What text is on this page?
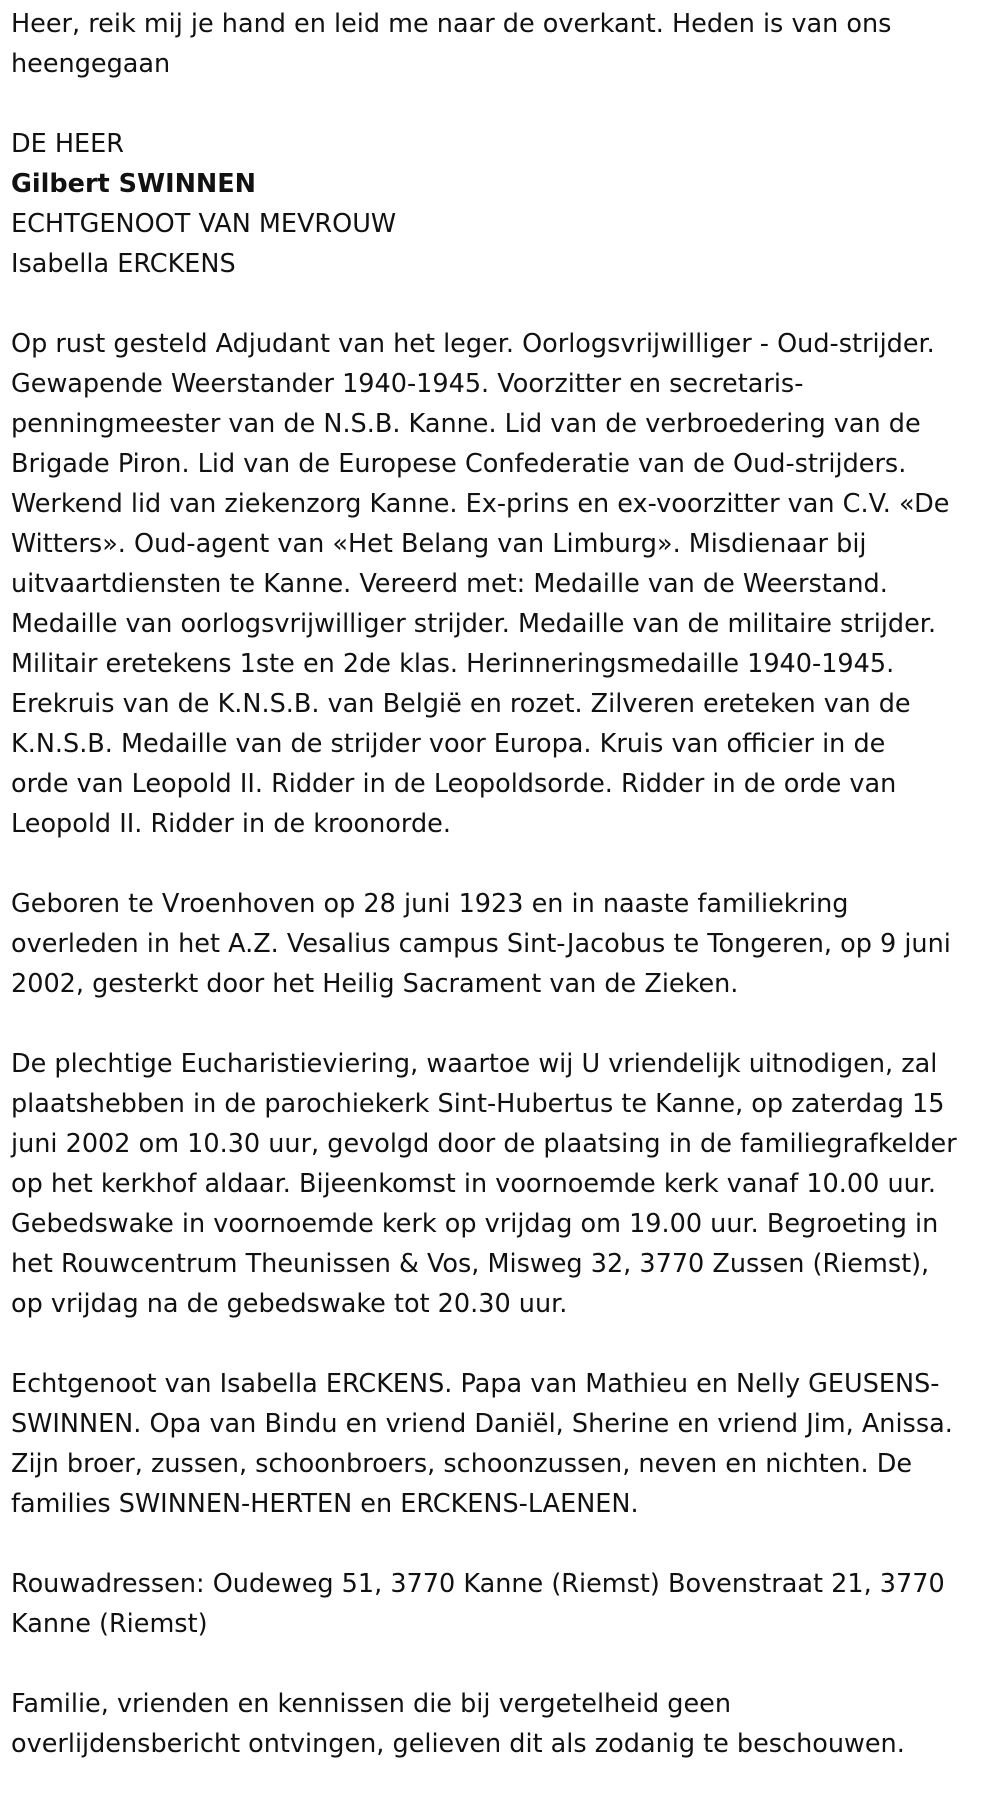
Heer, reik mij je hand en leid me naar de overkant. Heden is van ons
heengegaan
DE HEER
Gilbert SWINNEN
ECHTGENOOT VAN MEVROUW
Isabella ERCKENS
Op rust gesteld Adjudant van het leger. Oorlogsvrijwilliger - Oud-strijder.
Gewapende Weerstander 1940-1945. Voorzitter en secretaris-
penningmeester van de N.S.B. Kanne. Lid van de verbroedering van de
Brigade Piron. Lid van de Europese Confederatie van de Oud-strijders.
Werkend lid van ziekenzorg Kanne. Ex-prins en ex-voorzitter van C.V. «De
Witters». Oud-agent van «Het Belang van Limburg». Misdienaar bij
uitvaartdiensten te Kanne. Vereerd met: Medaille van de Weerstand.
Medaille van oorlogsvrijwilliger strijder. Medaille van de militaire strijder.
Militair eretekens 1ste en 2de klas. Herinneringsmedaille 1940-1945.
Erekruis van de K.N.S.B. van België en rozet. Zilveren ereteken van de
K.N.S.B. Medaille van de strijder voor Europa. Kruis van officier in de
orde van Leopold II. Ridder in de Leopoldsorde. Ridder in de orde van
Leopold II. Ridder in de kroonorde.
Geboren te Vroenhoven op 28 juni 1923 en in naaste familiekring
overleden in het A.Z. Vesalius campus Sint-Jacobus te Tongeren, op 9 juni
2002, gesterkt door het Heilig Sacrament van de Zieken.
De plechtige Eucharistieviering, waartoe wij U vriendelijk uitnodigen, zal
plaatshebben in de parochiekerk Sint-Hubertus te Kanne, op zaterdag 15
juni 2002 om 10.30 uur, gevolgd door de plaatsing in de familiegrafkelder
op het kerkhof aldaar. Bijeenkomst in voornoemde kerk vanaf 10.00 uur.
Gebedswake in voornoemde kerk op vrijdag om 19.00 uur. Begroeting in
het Rouwcentrum Theunissen & Vos, Misweg 32, 3770 Zussen (Riemst),
op vrijdag na de gebedswake tot 20.30 uur.
Echtgenoot van Isabella ERCKENS. Papa van Mathieu en Nelly GEUSENS-
SWINNEN. Opa van Bindu en vriend Daniël, Sherine en vriend Jim, Anissa.
Zijn broer, zussen, schoonbroers, schoonzussen, neven en nichten. De
families SWINNEN-HERTEN en ERCKENS-LAENEN.
Rouwadressen: Oudeweg 51, 3770 Kanne (Riemst) Bovenstraat 21, 3770
Kanne (Riemst)
Familie, vrienden en kennissen die bij vergetelheid geen
overlijdensbericht ontvingen, gelieven dit als zodanig te beschouwen.
